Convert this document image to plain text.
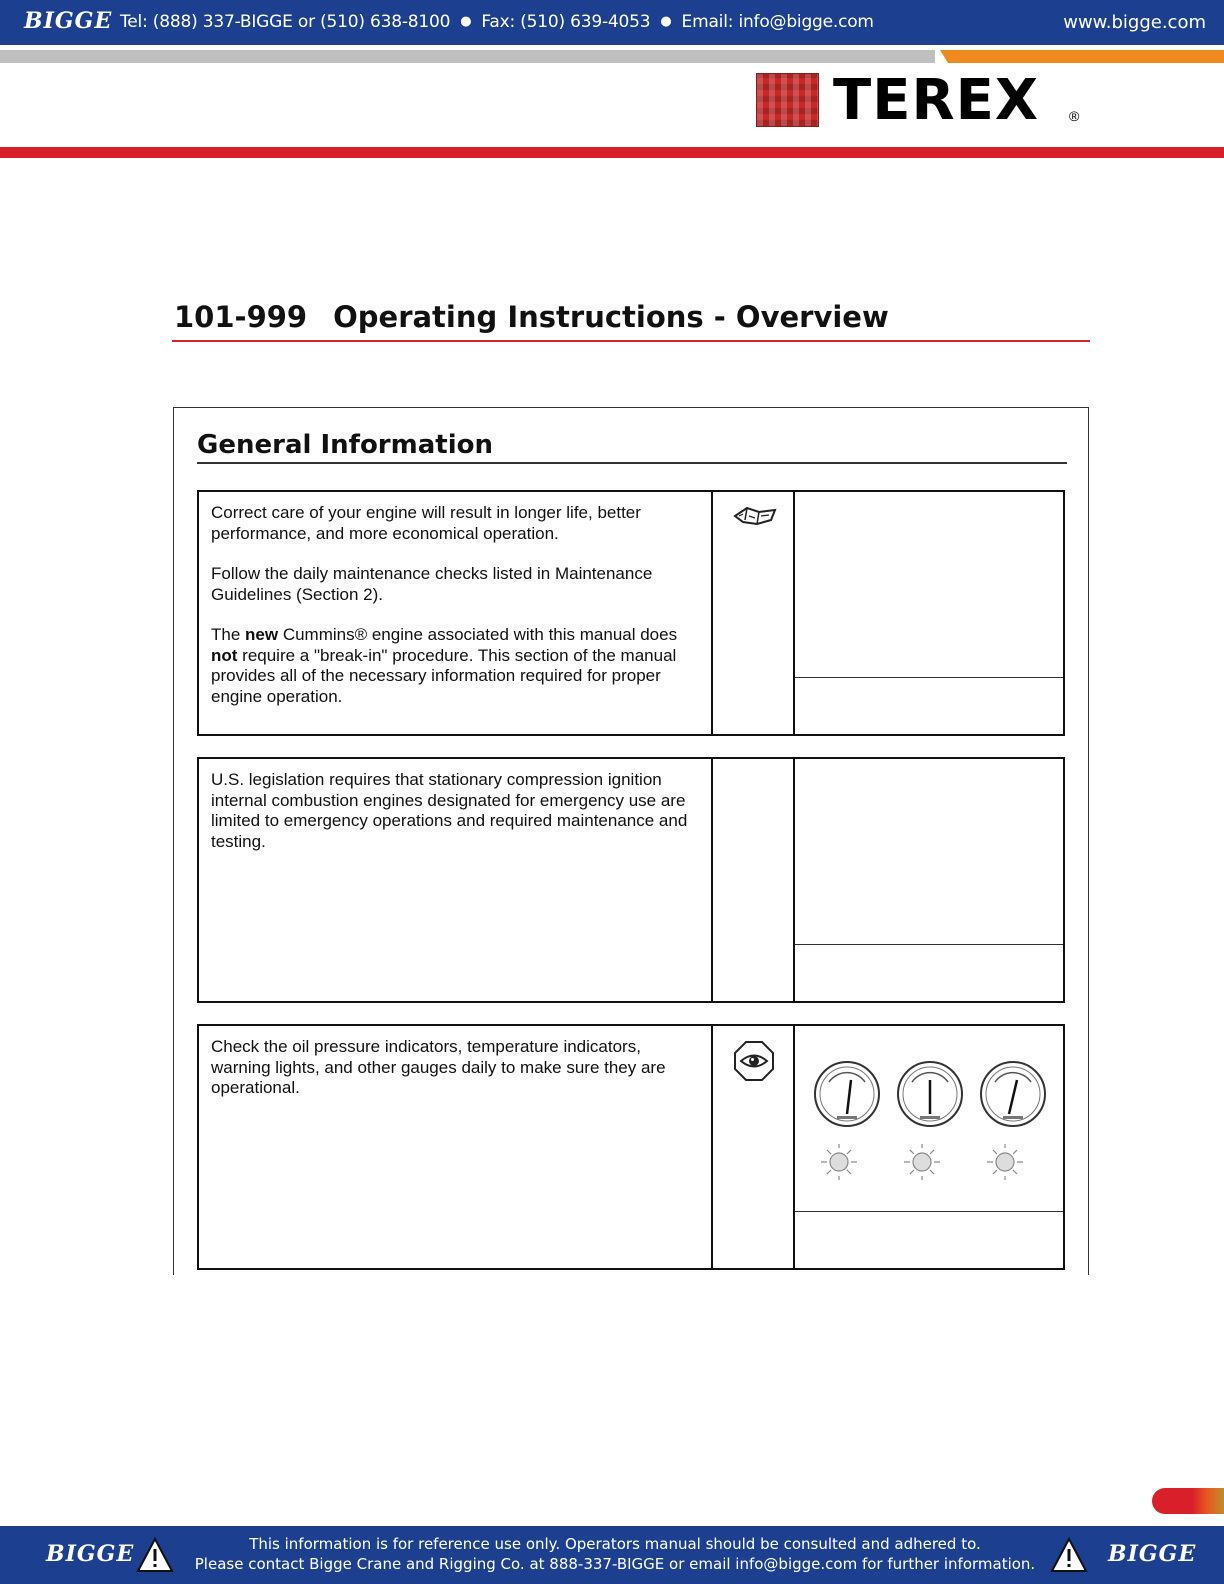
BIGGE Tel: (888) 337-BIGGE or (510) 638-8100 ● Fax: (510) 639-4053 ● Email: info@bigge.com	www.bigge.com
TEREX ®
101-999 Operating Instructions - Overview
General Information

Correct care of your engine will result in longer life, better performance, and more economical operation.

Follow the daily maintenance checks listed in Maintenance Guidelines (Section 2).

The new Cummins® engine associated with this manual does not require a "break-in" procedure. This section of the manual provides all of the necessary information required for proper engine operation.

U.S. legislation requires that stationary compression ignition internal combustion engines designated for emergency use are limited to emergency operations and required maintenance and testing.

Check the oil pressure indicators, temperature indicators, warning lights, and other gauges daily to make sure they are operational.

BIGGE	This information is for reference use only. Operators manual should be consulted and adhered to.
Please contact Bigge Crane and Rigging Co. at 888-337-BIGGE or email info@bigge.com for further information.	BIGGE
